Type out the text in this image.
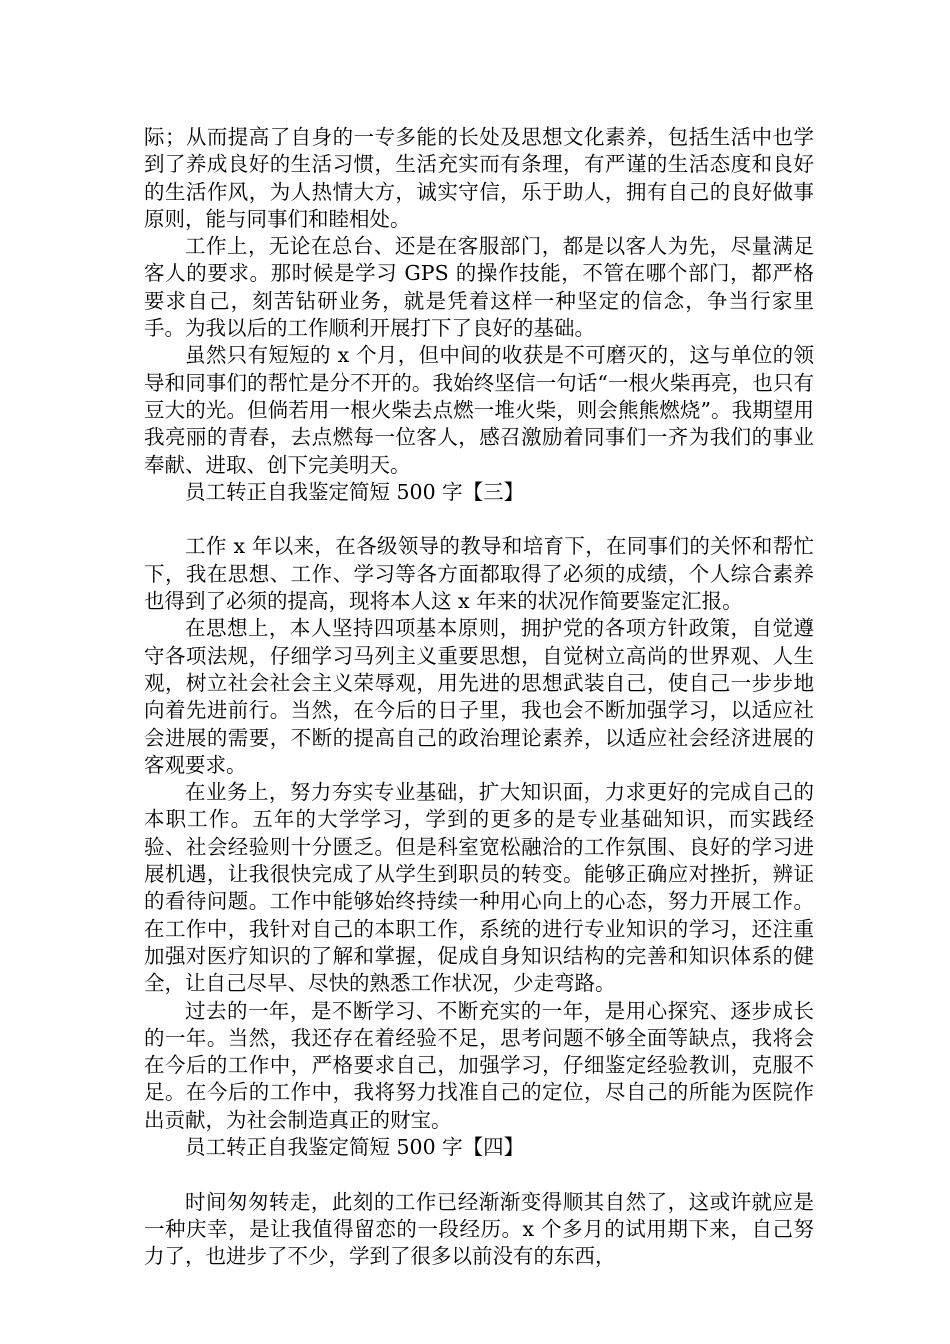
际；从而提高了自身的一专多能的长处及思想文化素养，包括生活中也学到了养成良好的生活习惯，生活充实而有条理，有严谨的生活态度和良好的生活作风，为人热情大方，诚实守信，乐于助人，拥有自己的良好做事原则，能与同事们和睦相处。

工作上，无论在总台、还是在客服部门，都是以客人为先，尽量满足客人的要求。那时候是学习 GPS 的操作技能，不管在哪个部门，都严格要求自己，刻苦钻研业务，就是凭着这样一种坚定的信念，争当行家里手。为我以后的工作顺利开展打下了良好的基础。

虽然只有短短的 x 个月，但中间的收获是不可磨灭的，这与单位的领导和同事们的帮忙是分不开的。我始终坚信一句话“一根火柴再亮，也只有豆大的光。但倘若用一根火柴去点燃一堆火柴，则会熊熊燃烧”。我期望用我亮丽的青春，去点燃每一位客人，感召激励着同事们一齐为我们的事业奉献、进取、创下完美明天。

员工转正自我鉴定简短 500 字【三】

工作 x 年以来，在各级领导的教导和培育下，在同事们的关怀和帮忙下，我在思想、工作、学习等各方面都取得了必须的成绩，个人综合素养也得到了必须的提高，现将本人这 x 年来的状况作简要鉴定汇报。

在思想上，本人坚持四项基本原则，拥护党的各项方针政策，自觉遵守各项法规，仔细学习马列主义重要思想，自觉树立高尚的世界观、人生观，树立社会社会主义荣辱观，用先进的思想武装自己，使自己一步步地向着先进前行。当然，在今后的日子里，我也会不断加强学习，以适应社会进展的需要，不断的提高自己的政治理论素养，以适应社会经济进展的客观要求。

在业务上，努力夯实专业基础，扩大知识面，力求更好的完成自己的本职工作。五年的大学学习，学到的更多的是专业基础知识，而实践经验、社会经验则十分匮乏。但是科室宽松融洽的工作氛围、良好的学习进展机遇，让我很快完成了从学生到职员的转变。能够正确应对挫折，辨证的看待问题。工作中能够始终持续一种用心向上的心态，努力开展工作。在工作中，我针对自己的本职工作，系统的进行专业知识的学习，还注重加强对医疗知识的了解和掌握，促成自身知识结构的完善和知识体系的健全，让自己尽早、尽快的熟悉工作状况，少走弯路。

过去的一年，是不断学习、不断充实的一年，是用心探究、逐步成长的一年。当然，我还存在着经验不足，思考问题不够全面等缺点，我将会在今后的工作中，严格要求自己，加强学习，仔细鉴定经验教训，克服不足。在今后的工作中，我将努力找准自己的定位，尽自己的所能为医院作出贡献，为社会制造真正的财宝。

员工转正自我鉴定简短 500 字【四】

时间匆匆转走，此刻的工作已经渐渐变得顺其自然了，这或许就应是一种庆幸，是让我值得留恋的一段经历。x 个多月的试用期下来，自己努力了，也进步了不少，学到了很多以前没有的东西，
